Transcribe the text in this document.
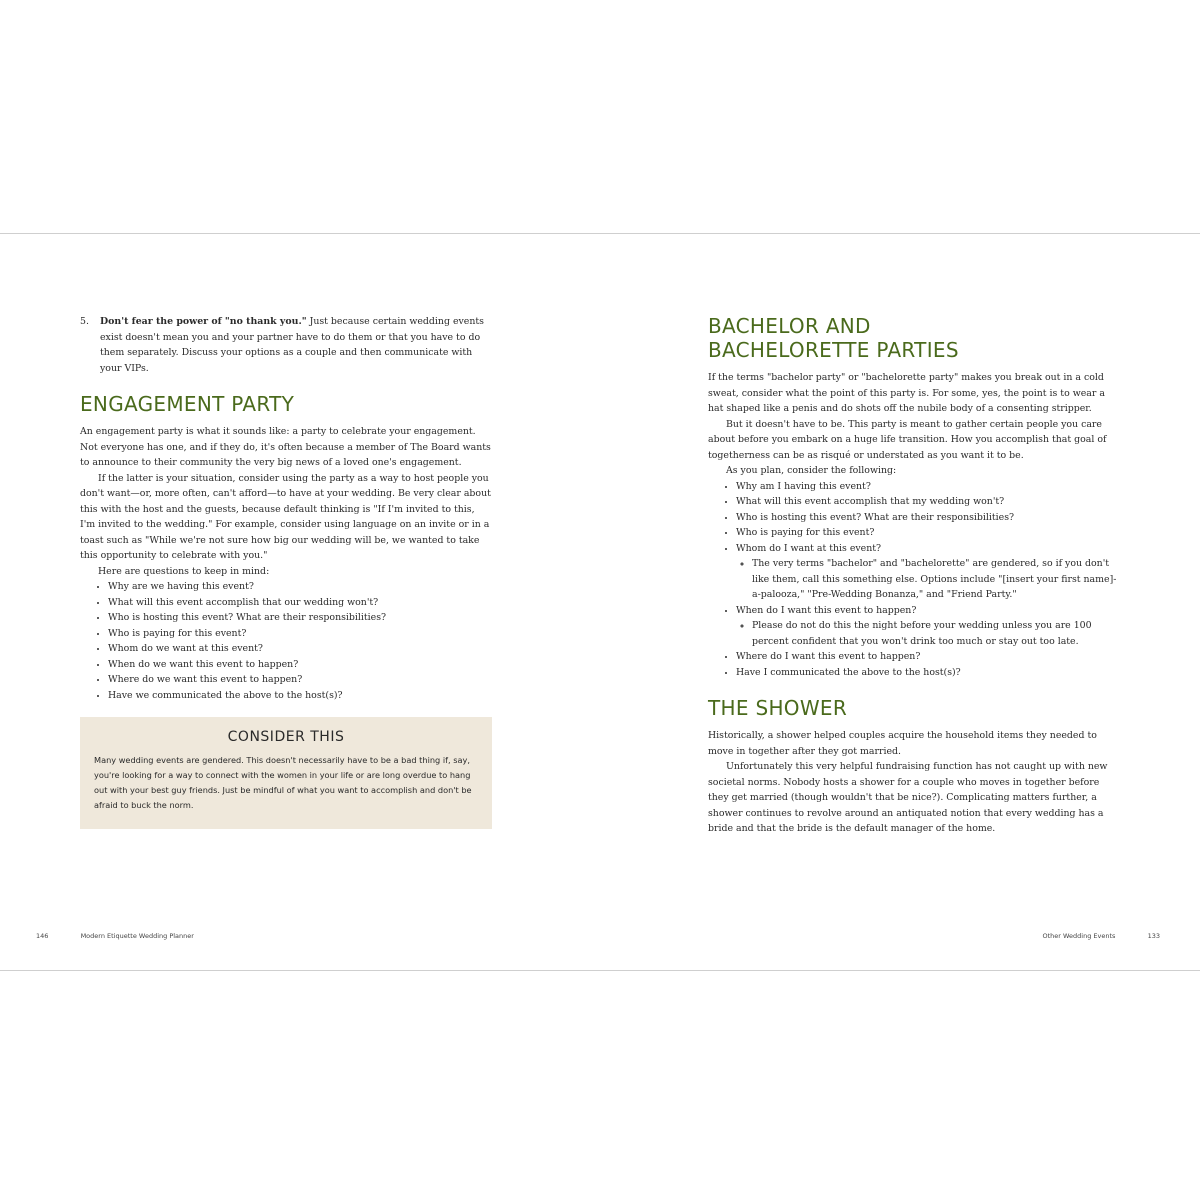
5. Don't fear the power of "no thank you." Just because certain wedding events exist doesn't mean you and your partner have to do them or that you have to do them separately. Discuss your options as a couple and then communicate with your VIPs.
ENGAGEMENT PARTY

An engagement party is what it sounds like: a party to celebrate your engagement. Not everyone has one, and if they do, it's often because a member of The Board wants to announce to their community the very big news of a loved one's engagement.

If the latter is your situation, consider using the party as a way to host people you don't want—or, more often, can't afford—to have at your wedding. Be very clear about this with the host and the guests, because default thinking is "If I'm invited to this, I'm invited to the wedding." For example, consider using language on an invite or in a toast such as "While we're not sure how big our wedding will be, we wanted to take this opportunity to celebrate with you."

Here are questions to keep in mind:

• Why are we having this event?
• What will this event accomplish that our wedding won't?
• Who is hosting this event? What are their responsibilities?
• Who is paying for this event?
• Whom do we want at this event?
• When do we want this event to happen?
• Where do we want this event to happen?
• Have we communicated the above to the host(s)?
CONSIDER THIS

Many wedding events are gendered. This doesn't necessarily have to be a bad thing if, say, you're looking for a way to connect with the women in your life or are long overdue to hang out with your best guy friends. Just be mindful of what you want to accomplish and don't be afraid to buck the norm.

146	Modern Etiquette Wedding Planner
BACHELOR AND
BACHELORETTE PARTIES

If the terms "bachelor party" or "bachelorette party" makes you break out in a cold sweat, consider what the point of this party is. For some, yes, the point is to wear a hat shaped like a penis and do shots off the nubile body of a consenting stripper.

But it doesn't have to be. This party is meant to gather certain people you care about before you embark on a huge life transition. How you accomplish that goal of togetherness can be as risqué or understated as you want it to be.

As you plan, consider the following:

• Why am I having this event?
• What will this event accomplish that my wedding won't?
• Who is hosting this event? What are their responsibilities?
• Who is paying for this event?
• Whom do I want at this event?
◦ The very terms "bachelor" and "bachelorette" are gendered, so if you don't like them, call this something else. Options include "[insert your first name]-a-palooza," "Pre-Wedding Bonanza," and "Friend Party."
• When do I want this event to happen?
◦ Please do not do this the night before your wedding unless you are 100 percent confident that you won't drink too much or stay out too late.
• Where do I want this event to happen?
• Have I communicated the above to the host(s)?
THE SHOWER

Historically, a shower helped couples acquire the household items they needed to move in together after they got married.

Unfortunately this very helpful fundraising function has not caught up with new societal norms. Nobody hosts a shower for a couple who moves in together before they get married (though wouldn't that be nice?). Complicating matters further, a shower continues to revolve around an antiquated notion that every wedding has a bride and that the bride is the default manager of the home.

Other Wedding Events	133
